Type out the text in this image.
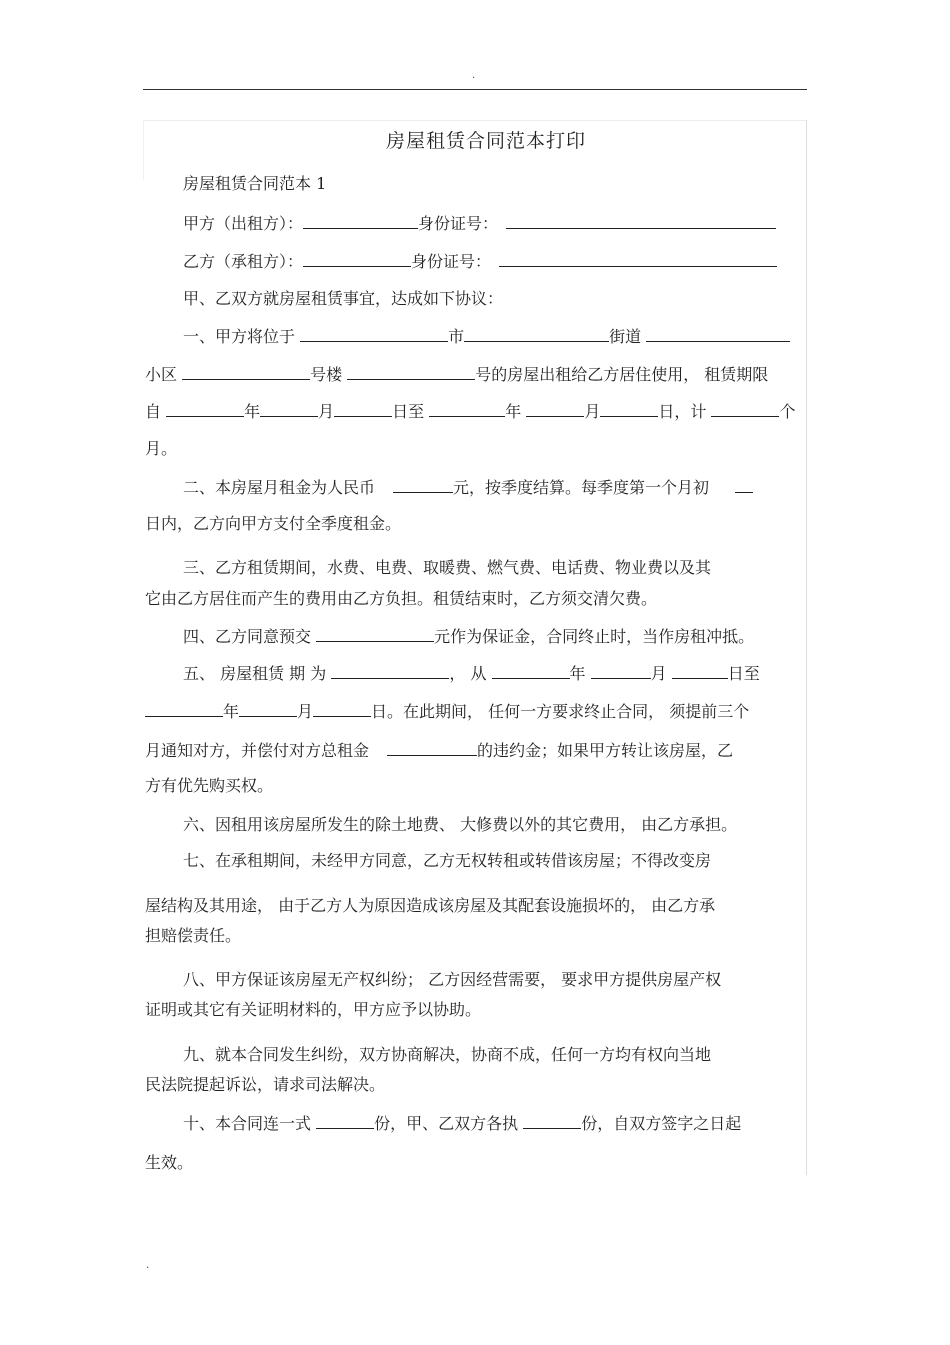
.
房屋租赁合同范本打印
房屋租赁合同范本 1
甲方（出租方）：	身份证号：
乙方（承租方）：	身份证号：
甲、乙双方就房屋租赁事宜，达成如下协议：
一、甲方将位于	市	街道
小区	号楼	号的房屋出租给乙方居住使用， 租赁期限
自	年	月	日至	年	月	日，计	个
月。
二、本房屋月租金为人民币	元，按季度结算。每季度第一个月初
日内，乙方向甲方支付全季度租金。
三、乙方租赁期间，水费、电费、取暖费、燃气费、电话费、物业费以及其
它由乙方居住而产生的费用由乙方负担。租赁结束时，乙方须交清欠费。
四、乙方同意预交	元作为保证金，合同终止时，当作房租冲抵。
五、 房屋租赁 期 为	， 从	年	月	日至
年	月	日。在此期间， 任何一方要求终止合同， 须提前三个
月通知对方，并偿付对方总租金	的违约金；如果甲方转让该房屋，乙
方有优先购买权。
六、因租用该房屋所发生的除土地费、 大修费以外的其它费用， 由乙方承担。
七、在承租期间，未经甲方同意，乙方无权转租或转借该房屋；不得改变房
屋结构及其用途， 由于乙方人为原因造成该房屋及其配套设施损坏的， 由乙方承
担赔偿责任。
八、甲方保证该房屋无产权纠纷； 乙方因经营需要， 要求甲方提供房屋产权
证明或其它有关证明材料的，甲方应予以协助。
九、就本合同发生纠纷，双方协商解决，协商不成，任何一方均有权向当地
民法院提起诉讼，请求司法解决。
十、本合同连一式	份，甲、乙双方各执	份，自双方签字之日起
生效。
.
